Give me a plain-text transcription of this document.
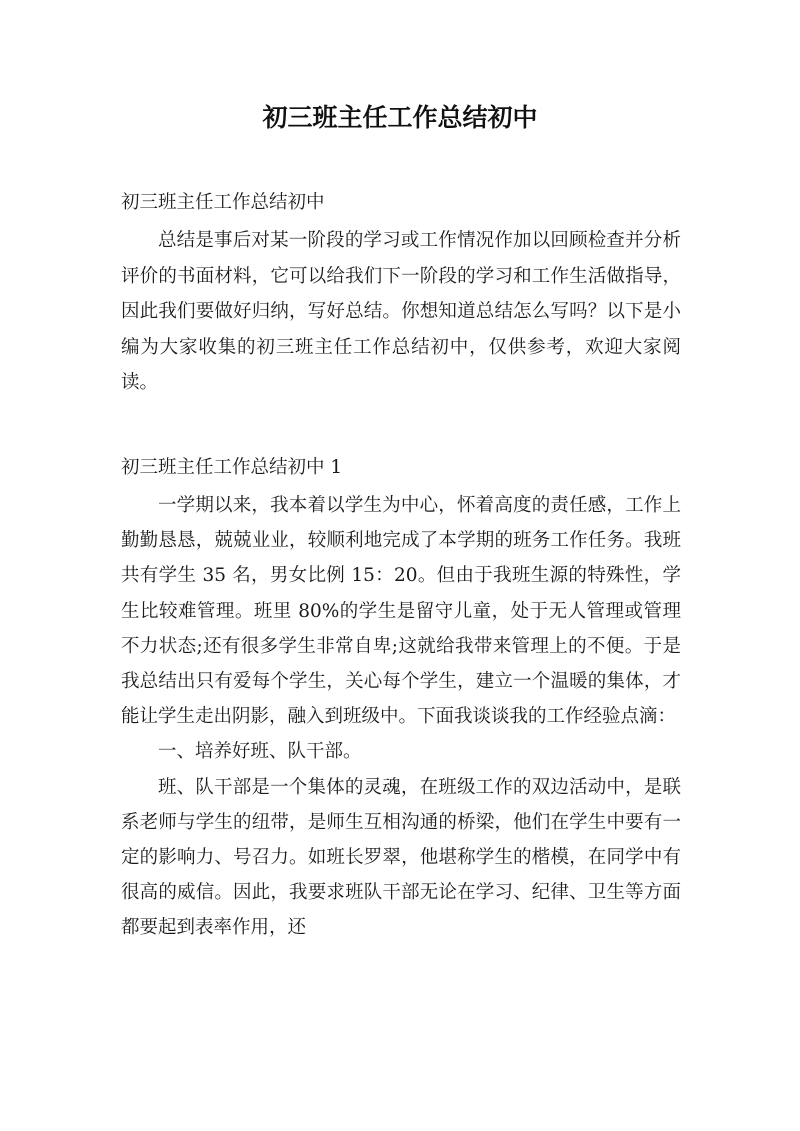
初三班主任工作总结初中
初三班主任工作总结初中

总结是事后对某一阶段的学习或工作情况作加以回顾检查并分析评价的书面材料，它可以给我们下一阶段的学习和工作生活做指导，因此我们要做好归纳，写好总结。你想知道总结怎么写吗？以下是小编为大家收集的初三班主任工作总结初中，仅供参考，欢迎大家阅读。

初三班主任工作总结初中 1

一学期以来，我本着以学生为中心，怀着高度的责任感，工作上勤勤恳恳，兢兢业业，较顺利地完成了本学期的班务工作任务。我班共有学生 35 名，男女比例 15：20。但由于我班生源的特殊性，学生比较难管理。班里 80%的学生是留守儿童，处于无人管理或管理不力状态;还有很多学生非常自卑;这就给我带来管理上的不便。于是我总结出只有爱每个学生，关心每个学生，建立一个温暖的集体，才能让学生走出阴影，融入到班级中。下面我谈谈我的工作经验点滴：

一、培养好班、队干部。

班、队干部是一个集体的灵魂，在班级工作的双边活动中，是联系老师与学生的纽带，是师生互相沟通的桥梁，他们在学生中要有一定的影响力、号召力。如班长罗翠，他堪称学生的楷模，在同学中有很高的威信。因此，我要求班队干部无论在学习、纪律、卫生等方面都要起到表率作用，还
